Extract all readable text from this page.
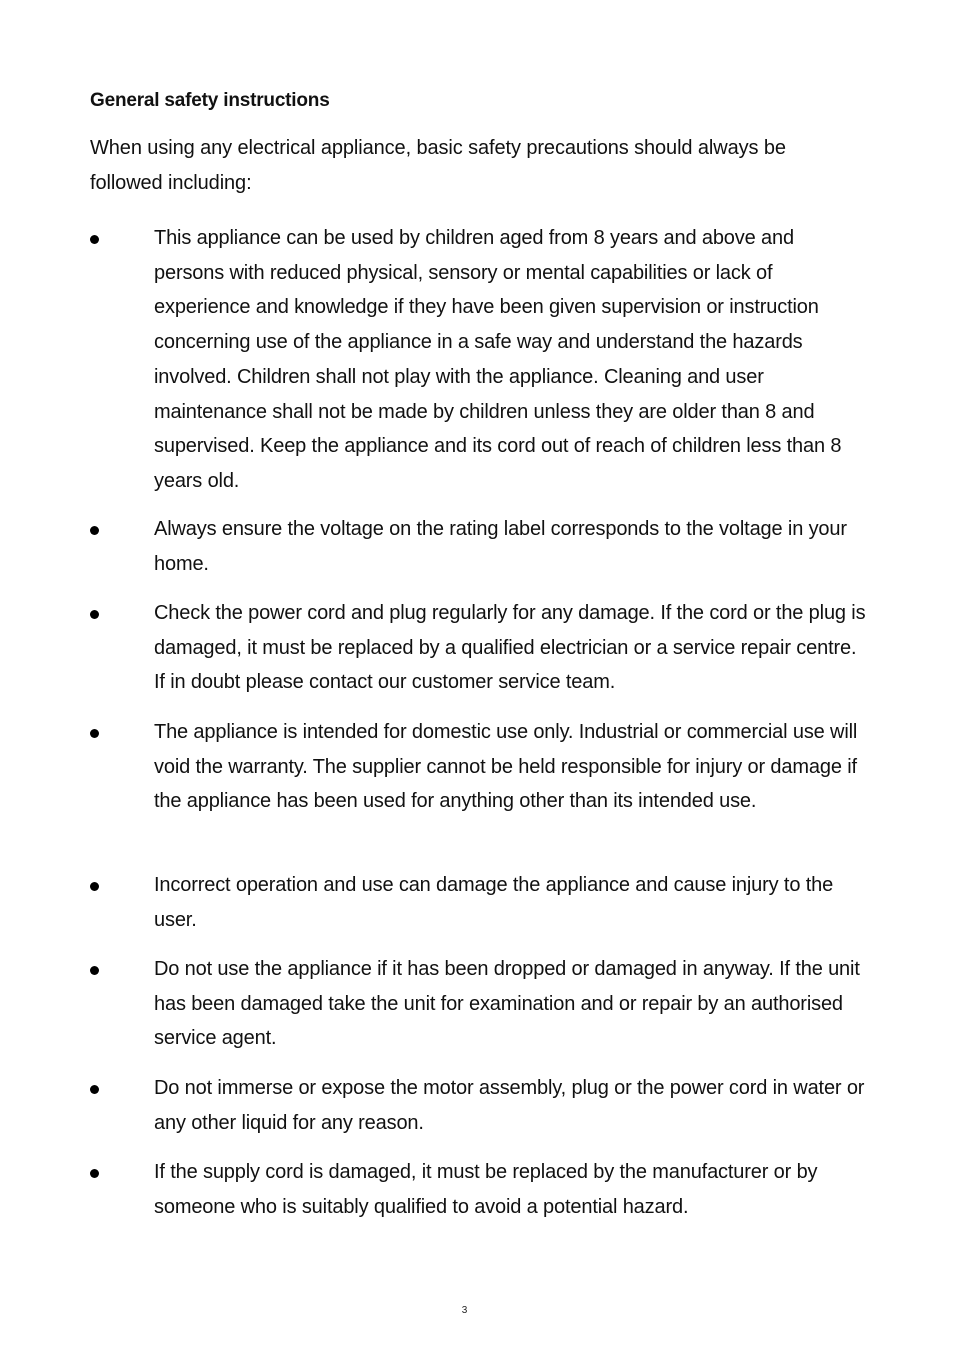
General safety instructions
When using any electrical appliance, basic safety precautions should always be followed including:
This appliance can be used by children aged from 8 years and above and persons with reduced physical, sensory or mental capabilities or lack of experience and knowledge if they have been given supervision or instruction concerning use of the appliance in a safe way and understand the hazards involved. Children shall not play with the appliance. Cleaning and user maintenance shall not be made by children unless they are older than 8 and supervised. Keep the appliance and its cord out of reach of children less than 8 years old.
Always ensure the voltage on the rating label corresponds to the voltage in your home.
Check the power cord and plug regularly for any damage. If the cord or the plug is damaged, it must be replaced by a qualified electrician or a service repair centre. If in doubt please contact our customer service team.
The appliance is intended for domestic use only. Industrial or commercial use will void the warranty. The supplier cannot be held responsible for injury or damage if the appliance has been used for anything other than its intended use.
Incorrect operation and use can damage the appliance and cause injury to the user.
Do not use the appliance if it has been dropped or damaged in anyway. If the unit has been damaged take the unit for examination and or repair by an authorised service agent.
Do not immerse or expose the motor assembly, plug or the power cord in water or any other liquid for any reason.
If the supply cord is damaged, it must be replaced by the manufacturer or by someone who is suitably qualified to avoid a potential hazard.
3
